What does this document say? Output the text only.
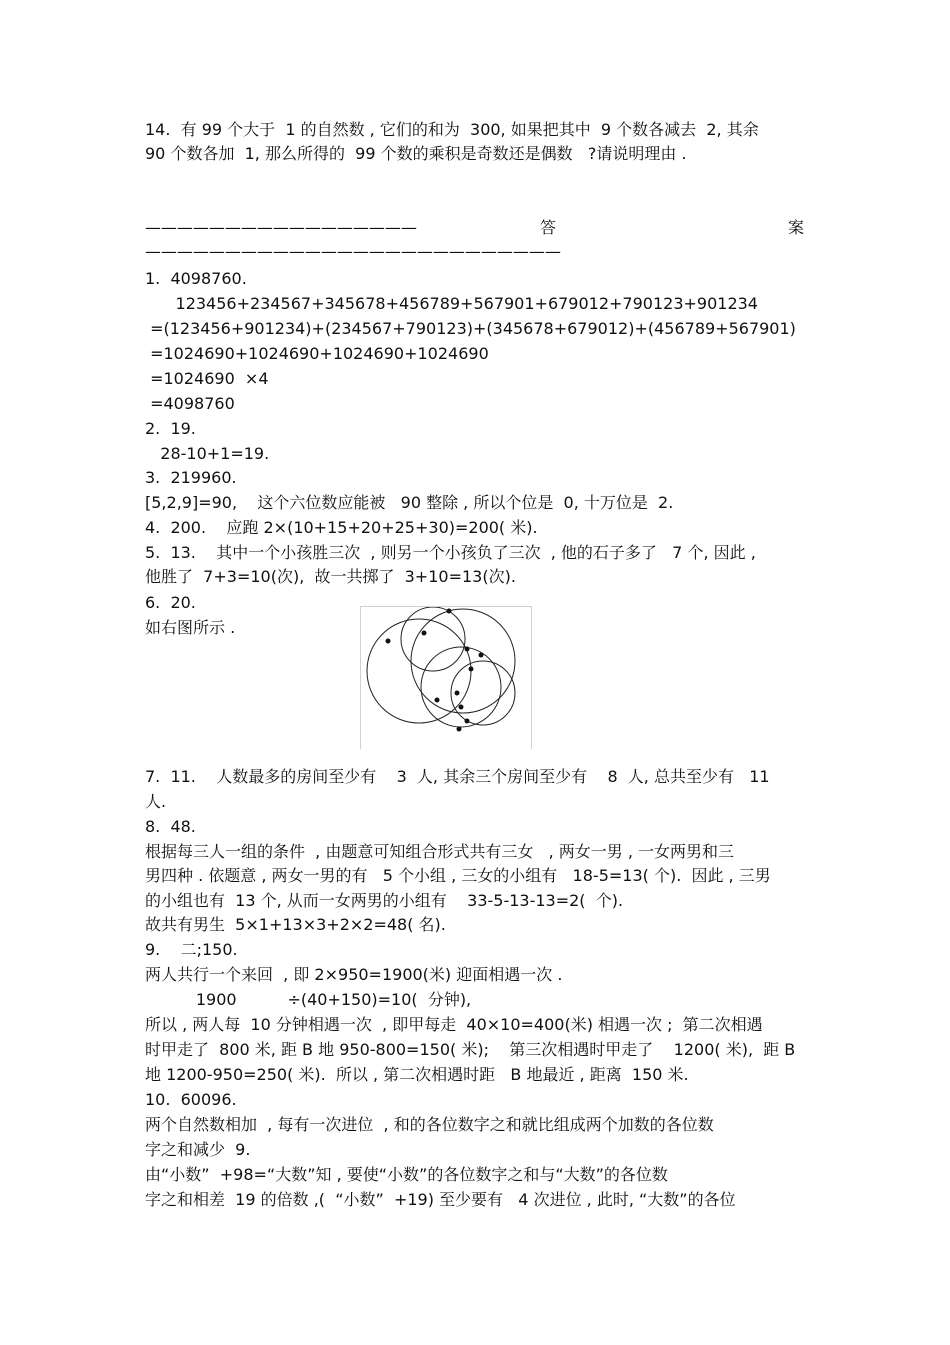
14.  有 99 个大于  1 的自然数 , 它们的和为  300, 如果把其中  9 个数各减去  2, 其余
90 个数各加  1, 那么所得的  99 个数的乘积是奇数还是偶数   ?请说明理由 .
—————————————————	答	案
——————————————————————————
1.  4098760.
123456+234567+345678+456789+567901+679012+790123+901234
=(123456+901234)+(234567+790123)+(345678+679012)+(456789+567901)
=1024690+1024690+1024690+1024690
=1024690  ×4
=4098760
2.  19.
28-10+1=19.
3.  219960.
[5,2,9]=90,    这个六位数应能被   90 整除 , 所以个位是  0, 十万位是  2.
4.  200.    应跑 2×(10+15+20+25+30)=200( 米).
5.  13.    其中一个小孩胜三次  , 则另一个小孩负了三次  , 他的石子多了   7 个, 因此 ,
他胜了  7+3=10(次),  故一共掷了  3+10=13(次).
6.  20.
如右图所示 .
7.  11.    人数最多的房间至少有    3  人, 其余三个房间至少有    8  人, 总共至少有   11
人.
8.  48.
根据每三人一组的条件  , 由题意可知组合形式共有三女   , 两女一男 , 一女两男和三
男四种 . 依题意 , 两女一男的有   5 个小组 , 三女的小组有   18-5=13( 个).  因此 , 三男
的小组也有  13 个, 从而一女两男的小组有    33-5-13-13=2(  个).
故共有男生  5×1+13×3+2×2=48( 名).
9.    二;150.
两人共行一个来回  , 即 2×950=1900(米) 迎面相遇一次 .
1900          ÷(40+150)=10(  分钟),
所以 , 两人每  10 分钟相遇一次  , 即甲每走  40×10=400(米) 相遇一次 ;  第二次相遇
时甲走了  800 米, 距 B 地 950-800=150( 米);    第三次相遇时甲走了    1200( 米),  距 B
地 1200-950=250( 米).  所以 , 第二次相遇时距   B 地最近 , 距离  150 米.
10.  60096.
两个自然数相加  , 每有一次进位  , 和的各位数字之和就比组成两个加数的各位数
字之和减少  9.
由“小数”  +98=“大数”知 , 要使“小数”的各位数字之和与“大数”的各位数
字之和相差  19 的倍数 ,(  “小数”  +19) 至少要有   4 次进位 , 此时, “大数”的各位
